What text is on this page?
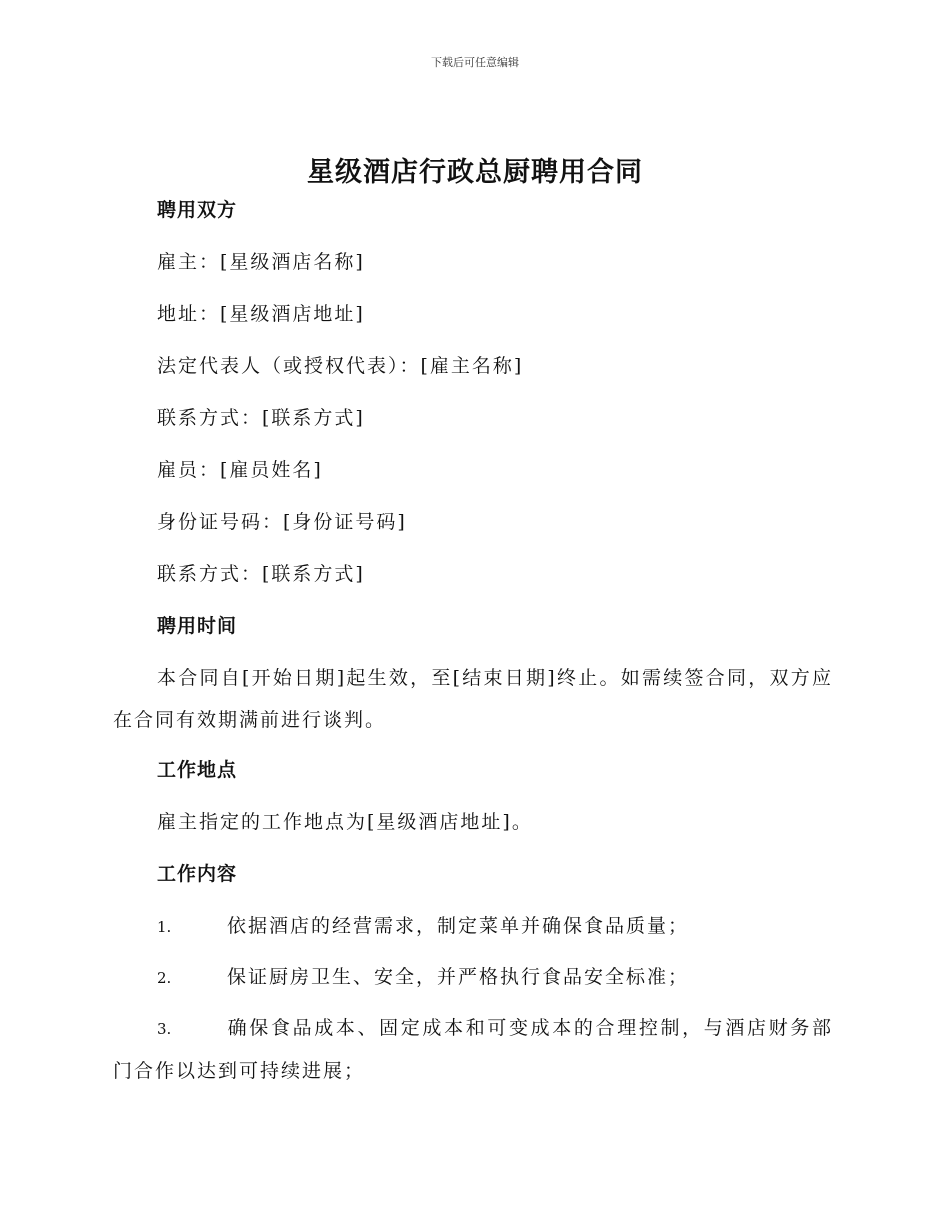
下载后可任意编辑
星级酒店行政总厨聘用合同
聘用双方
雇主：[星级酒店名称]
地址：[星级酒店地址]
法定代表人（或授权代表）：[雇主名称]
联系方式：[联系方式]
雇员：[雇员姓名]
身份证号码：[身份证号码]
联系方式：[联系方式]
聘用时间
本合同自[开始日期]起生效，至[结束日期]终止。如需续签合同，双方应在合同有效期满前进行谈判。
工作地点
雇主指定的工作地点为[星级酒店地址]。
工作内容
1.	依据酒店的经营需求，制定菜单并确保食品质量；
2.	保证厨房卫生、安全，并严格执行食品安全标准；
3.	确保食品成本、固定成本和可变成本的合理控制，与酒店财务部门合作以达到可持续进展；
